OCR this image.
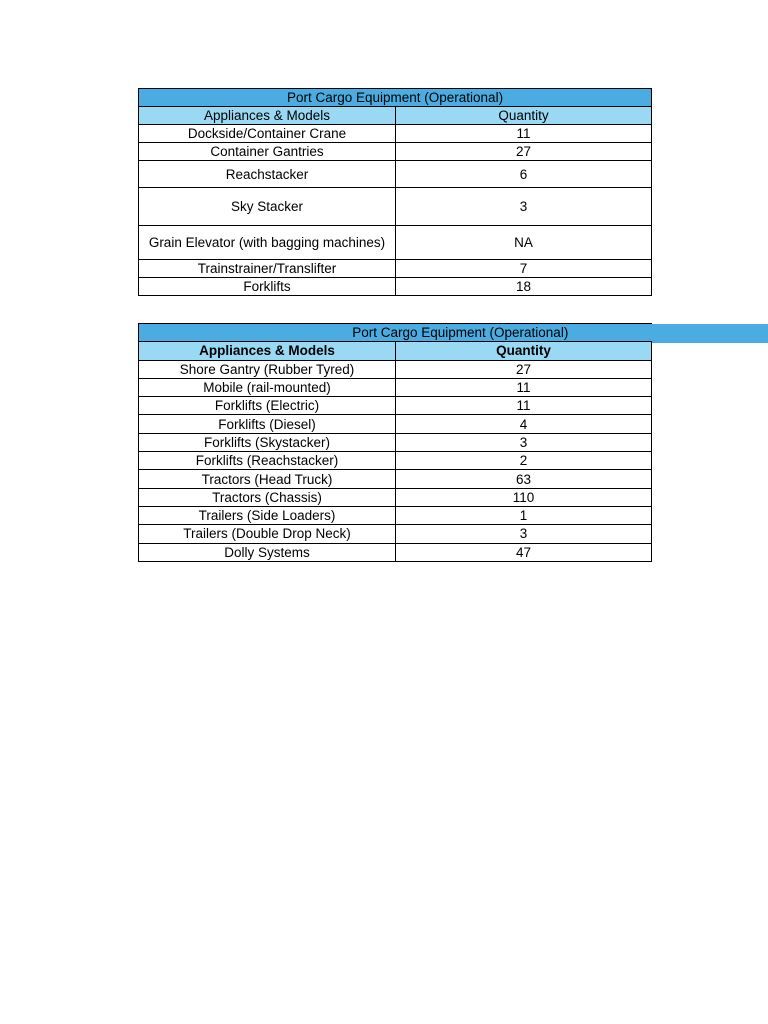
Port Cargo Equipment (Operational)	
Appliances & Models	Quantity
Dockside/Container Crane	11
Container Gantries	27
Reachstacker	6
Sky Stacker	3
Grain Elevator (with bagging machines)	NA
Trainstrainer/Translifter	7
Forklifts	18
Port Cargo Equipment (Operational)	
Appliances & Models	Quantity
Shore Gantry (Rubber Tyred)	27
Mobile (rail-mounted)	11
Forklifts (Electric)	11
Forklifts (Diesel)	4
Forklifts (Skystacker)	3
Forklifts (Reachstacker)	2
Tractors (Head Truck)	63
Tractors (Chassis)	110
Trailers (Side Loaders)	1
Trailers (Double Drop Neck)	3
Dolly Systems	47
